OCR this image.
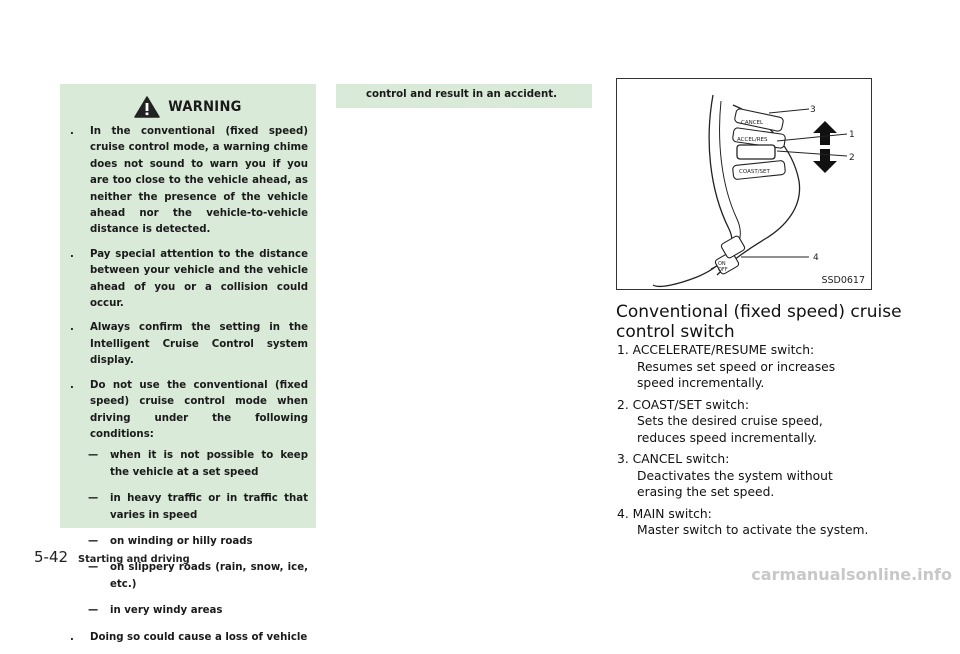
WARNING
.	In the conventional (fixed speed) cruise control mode, a warning chime does not sound to warn you if you are too close to the vehicle ahead, as neither the presence of the vehicle ahead nor the vehicle-to-vehicle distance is detected.
.	Pay special attention to the distance between your vehicle and the vehicle ahead of you or a collision could occur.
.	Always confirm the setting in the Intelligent Cruise Control system display.
.	Do not use the conventional (fixed speed) cruise control mode when driving under the following conditions:
—	when it is not possible to keep the vehicle at a set speed
—	in heavy traffic or in traffic that varies in speed
—	on winding or hilly roads
—	on slippery roads (rain, snow, ice, etc.)
—	in very windy areas
.	Doing so could cause a loss of vehicle
control and result in an accident.
CANCEL
ACCEL/RES
COAST/SET
ON
OFF
3
1
2
4
SSD0617
Conventional (fixed speed) cruise control switch
1. ACCELERATE/RESUME switch:
Resumes set speed or increases speed incrementally.
2. COAST/SET switch:
Sets the desired cruise speed, reduces speed incrementally.
3. CANCEL switch:
Deactivates the system without erasing the set speed.
4. MAIN switch:
Master switch to activate the system.
5-42 Starting and driving
carmanualsonline.info
